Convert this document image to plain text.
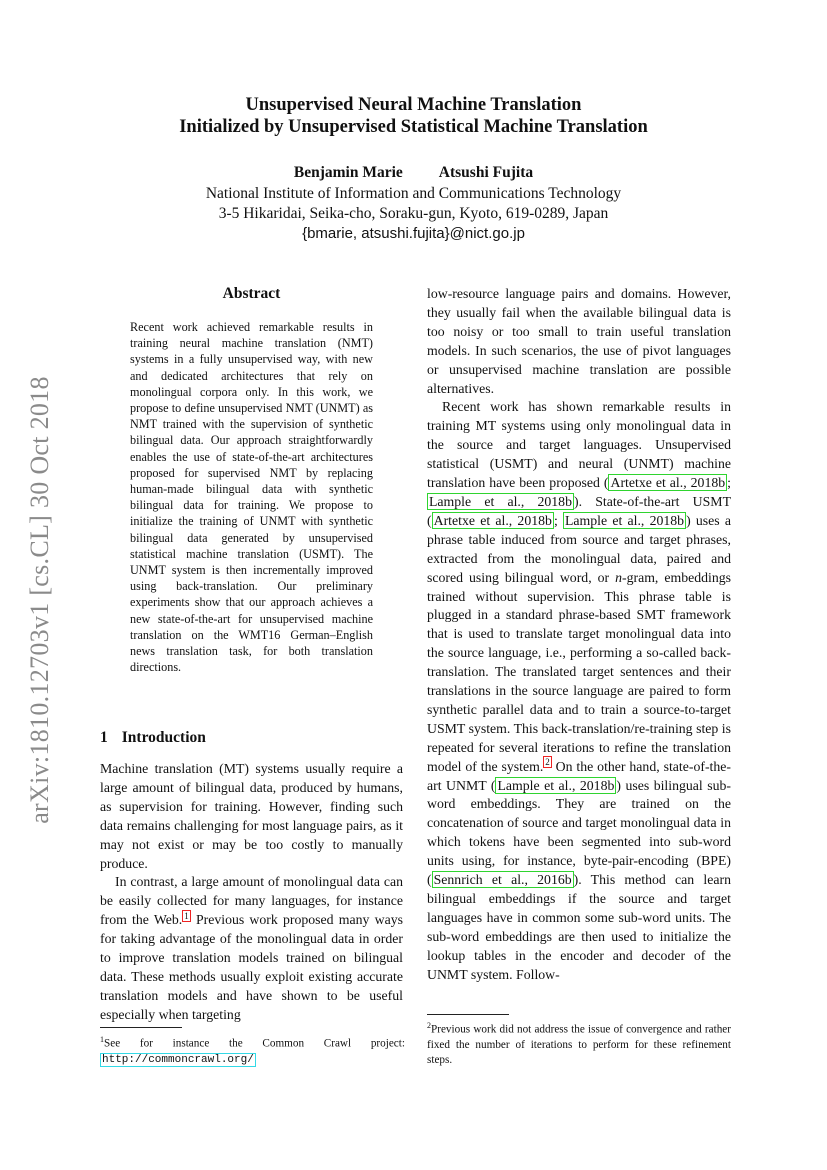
arXiv:1810.12703v1 [cs.CL] 30 Oct 2018
Unsupervised Neural Machine Translation
Initialized by Unsupervised Statistical Machine Translation
Benjamin Marie Atsushi Fujita
National Institute of Information and Communications Technology
3-5 Hikaridai, Seika-cho, Soraku-gun, Kyoto, 619-0289, Japan
{bmarie, atsushi.fujita}@nict.go.jp
Abstract
Recent work achieved remarkable results in training neural machine translation (NMT) systems in a fully unsupervised way, with new and dedicated architectures that rely on monolingual corpora only. In this work, we propose to define unsupervised NMT (UNMT) as NMT trained with the supervision of synthetic bilingual data. Our approach straightforwardly enables the use of state-of-the-art architectures proposed for supervised NMT by replacing human-made bilingual data with synthetic bilingual data for training. We propose to initialize the training of UNMT with synthetic bilingual data generated by unsupervised statistical machine translation (USMT). The UNMT system is then incrementally improved using back-translation. Our preliminary experiments show that our approach achieves a new state-of-the-art for unsupervised machine translation on the WMT16 German–English news translation task, for both translation directions.
1 Introduction

Machine translation (MT) systems usually require a large amount of bilingual data, produced by humans, as supervision for training. However, finding such data remains challenging for most language pairs, as it may not exist or may be too costly to manually produce.

In contrast, a large amount of monolingual data can be easily collected for many languages, for instance from the Web. $^1$ Previous work proposed many ways for taking advantage of the monolingual data in order to improve translation models trained on bilingual data. These methods usually exploit existing accurate translation models and have shown to be useful especially when targeting

$^1$See for instance the Common Crawl project: http://commoncrawl.org/

low-resource language pairs and domains. However, they usually fail when the available bilingual data is too noisy or too small to train useful translation models. In such scenarios, the use of pivot languages or unsupervised machine translation are possible alternatives.

Recent work has shown remarkable results in training MT systems using only monolingual data in the source and target languages. Unsupervised statistical (USMT) and neural (UNMT) machine translation have been proposed ( Artetxe et al., 2018b ; Lample et al., 2018b ). State-of-the-art USMT ( Artetxe et al., 2018b ; Lample et al., 2018b ) uses a phrase table induced from source and target phrases, extracted from the monolingual data, paired and scored using bilingual word, or n-gram, embeddings trained without supervision. This phrase table is plugged in a standard phrase-based SMT framework that is used to translate target monolingual data into the source language, i.e., performing a so-called back-translation. The translated target sentences and their translations in the source language are paired to form synthetic parallel data and to train a source-to-target USMT system. This back-translation/re-training step is repeated for several iterations to refine the translation model of the system. $^2$ On the other hand, state-of-the-art UNMT ( Lample et al., 2018b ) uses bilingual sub-word embeddings. They are trained on the concatenation of source and target monolingual data in which tokens have been segmented into sub-word units using, for instance, byte-pair-encoding (BPE) ( Sennrich et al., 2016b ). This method can learn bilingual embeddings if the source and target languages have in common some sub-word units. The sub-word embeddings are then used to initialize the lookup tables in the encoder and decoder of the UNMT system. Follow-

$^2$Previous work did not address the issue of convergence and rather fixed the number of iterations to perform for these refinement steps.
